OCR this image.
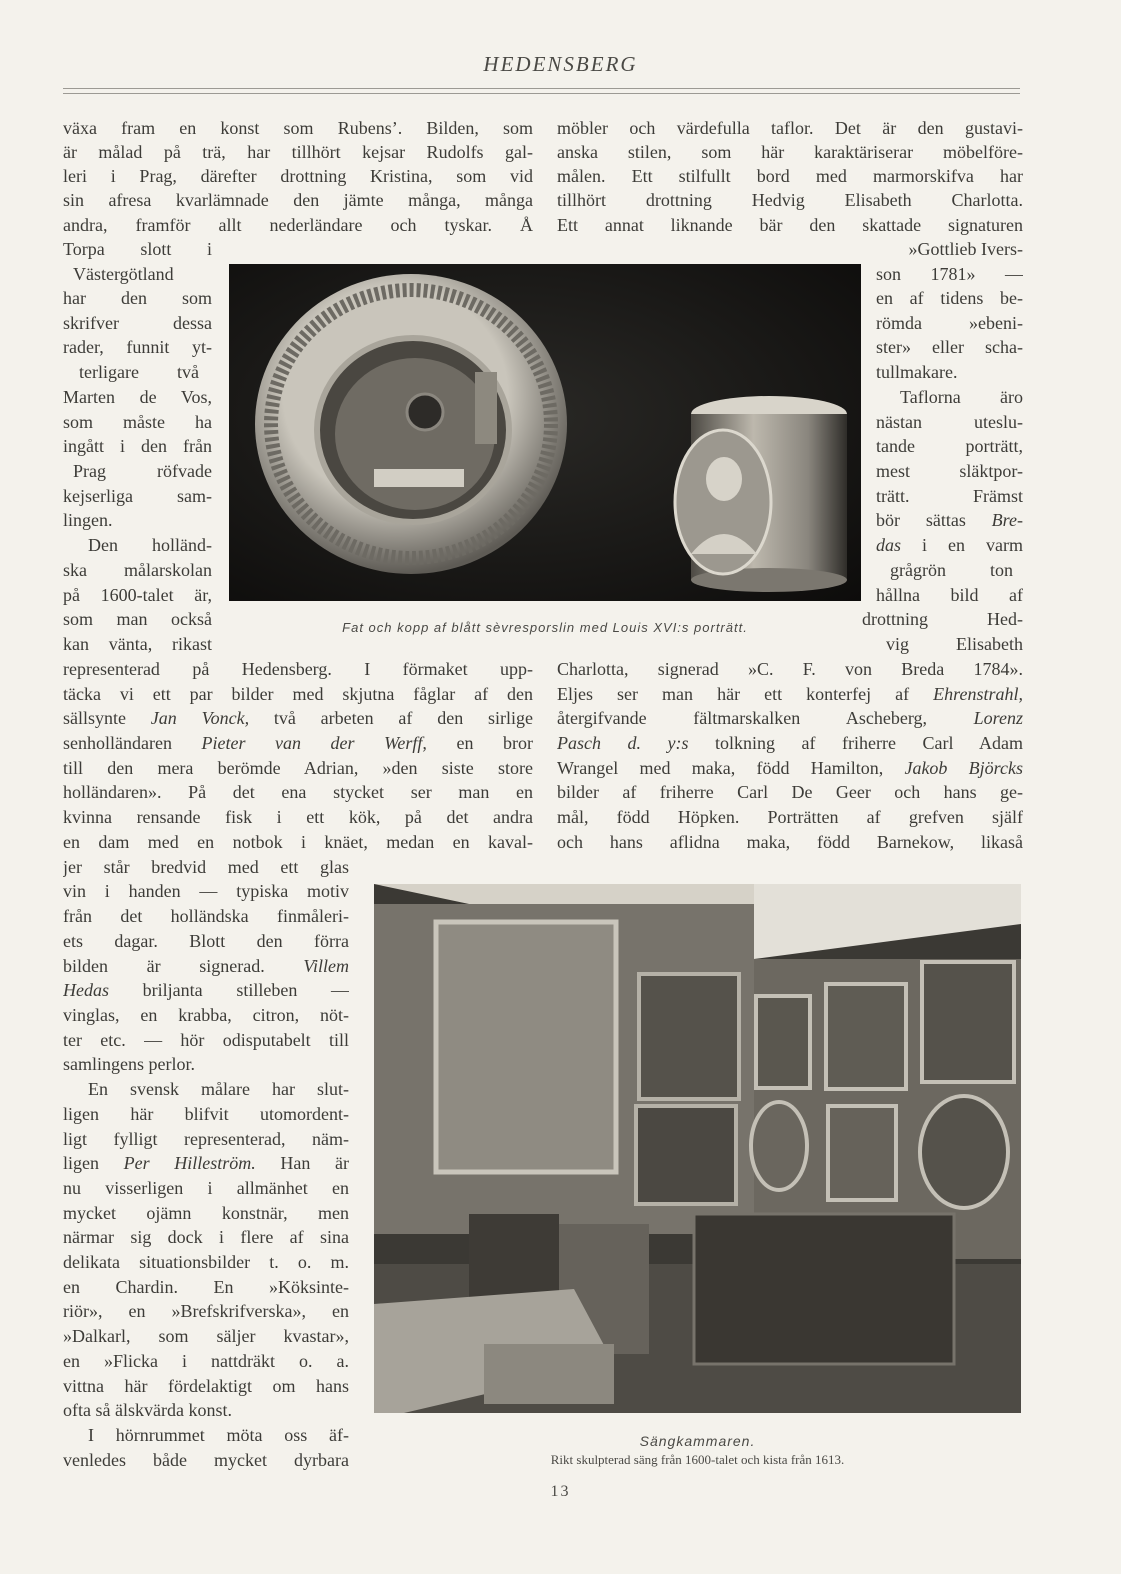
HEDENSBERG
växa fram en konst som Rubens’. Bilden, som
är målad på trä, har tillhört kejsar Rudolfs gal-
leri i Prag, därefter drottning Kristina, som vid
sin afresa kvarlämnade den jämte många, många
andra, framför allt nederländare och tyskar. Å
Torpa slott i
Västergötland
har den som
skrifver dessa
rader, funnit yt-
terligare två
Marten de Vos,
som måste ha
ingått i den från
Prag röfvade
kejserliga sam-
lingen.
Den holländ-
ska målarskolan
på 1600-talet är,
som man också
kan vänta, rikast
representerad på Hedensberg. I förmaket upp-
täcka vi ett par bilder med skjutna fåglar af den
sällsynte Jan Vonck, två arbeten af den sirlige
senholländaren Pieter van der Werff, en bror
till den mera berömde Adrian, »den siste store
holländaren». På det ena stycket ser man en
kvinna rensande fisk i ett kök, på det andra
en dam med en notbok i knäet, medan en kaval-
jer står bredvid med ett glas
vin i handen — typiska motiv
från det holländska finmåleri-
ets dagar. Blott den förra
bilden är signerad. Villem
Hedas briljanta stilleben —
vinglas, en krabba, citron, nöt-
ter etc. — hör odisputabelt till
samlingens perlor.
En svensk målare har slut-
ligen här blifvit utomordent-
ligt fylligt representerad, näm-
ligen Per Hilleström. Han är
nu visserligen i allmänhet en
mycket ojämn konstnär, men
närmar sig dock i flere af sina
delikata situationsbilder t. o. m.
en Chardin. En »Köksinte-
riör», en »Brefskrifverska», en
»Dalkarl, som säljer kvastar»,
en »Flicka i nattdräkt o. a.
vittna här fördelaktigt om hans
ofta så älskvärda konst.
I hörnrummet möta oss äf-
venledes både mycket dyrbara
möbler och värdefulla taflor. Det är den gustavi-
anska stilen, som här karaktäriserar möbelföre-
målen. Ett stilfullt bord med marmorskifva har
tillhört drottning Hedvig Elisabeth Charlotta.
Ett annat liknande bär den skattade signaturen
»Gottlieb Ivers-
son 1781» —
en af tidens be-
römda »ebeni-
ster» eller scha-
tullmakare.
Taflorna äro
nästan uteslu-
tande porträtt,
mest släktpor-
trätt. Främst
bör sättas Bre-
das i en varm
grågrön ton
hållna bild af
drottning Hed-
vig Elisabeth
Charlotta, signerad »C. F. von Breda 1784».
Eljes ser man här ett konterfej af Ehrenstrahl,
återgifvande fältmarskalken Ascheberg, Lorenz
Pasch d. y:s tolkning af friherre Carl Adam
Wrangel med maka, född Hamilton, Jakob Björcks
bilder af friherre Carl De Geer och hans ge-
mål, född Höpken. Porträtten af grefven själf
och hans aflidna maka, född Barnekow, likaså
Fat och kopp af blått sèvresporslin med Louis XVI:s porträtt.
Sängkammaren.
Rikt skulpterad säng från 1600-talet och kista från 1613.
13
